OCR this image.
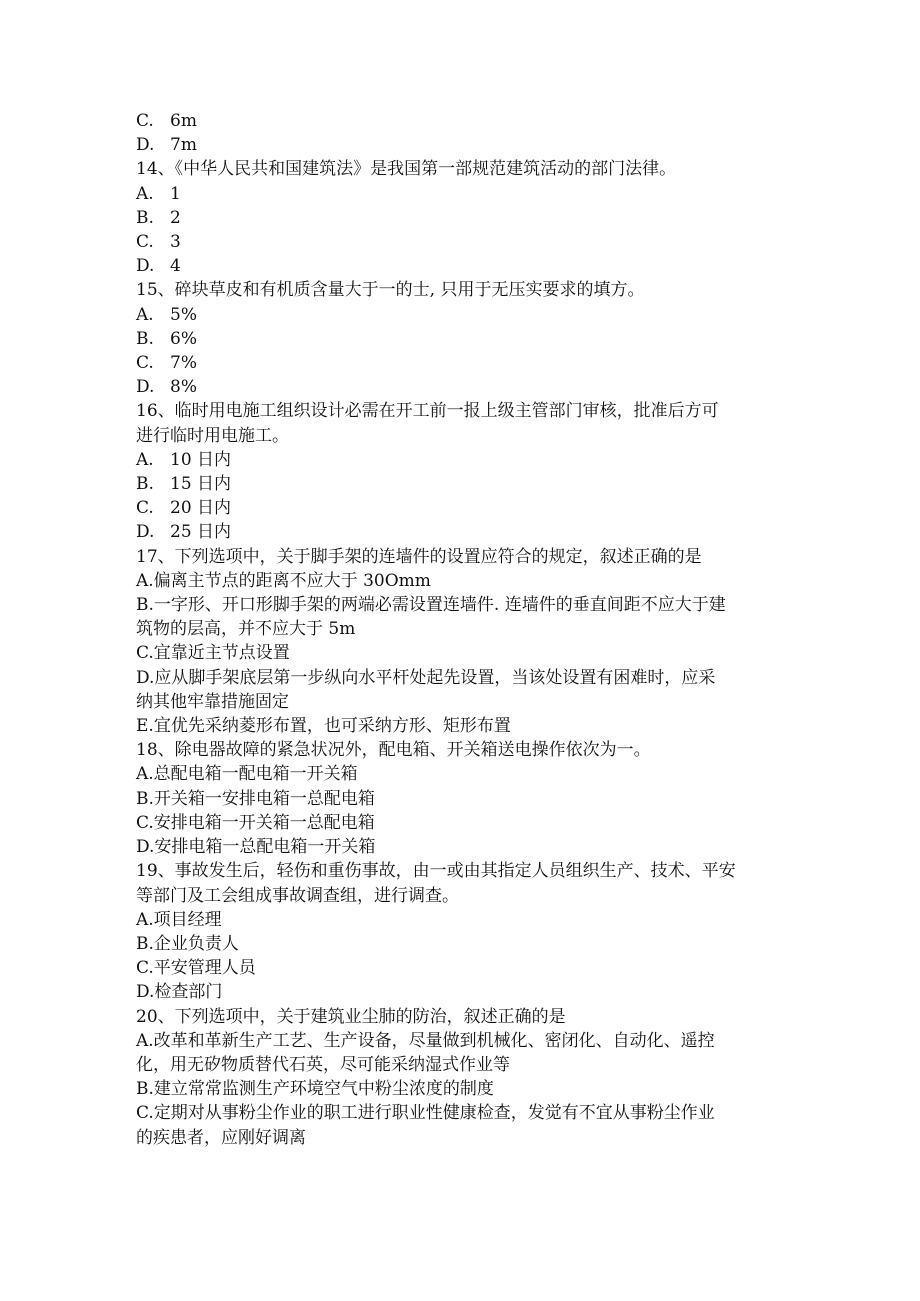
C. 6m
D. 7m
14、《中华人民共和国建筑法》是我国第一部规范建筑活动的部门法律。
A. 1
B. 2
C. 3
D. 4
15、碎块草皮和有机质含量大于一的士, 只用于无压实要求的填方。
A. 5%
B. 6%
C. 7%
D. 8%
16、临时用电施工组织设计必需在开工前一报上级主管部门审核，批准后方可
进行临时用电施工。
A. 10 日内
B. 15 日内
C. 20 日内
D. 25 日内
17、下列选项中，关于脚手架的连墙件的设置应符合的规定，叙述正确的是
A.偏离主节点的距离不应大于 30Omm
B.一字形、开口形脚手架的两端必需设置连墙件. 连墙件的垂直间距不应大于建
筑物的层高，并不应大于 5m
C.宜靠近主节点设置
D.应从脚手架底层第一步纵向水平杆处起先设置，当该处设置有困难时，应采
纳其他牢靠措施固定
E.宜优先采纳菱形布置，也可采纳方形、矩形布置
18、除电器故障的紧急状况外，配电箱、开关箱送电操作依次为一。
A.总配电箱一配电箱一开关箱
B.开关箱一安排电箱一总配电箱
C.安排电箱一开关箱一总配电箱
D.安排电箱一总配电箱一开关箱
19、事故发生后，轻伤和重伤事故，由一或由其指定人员组织生产、技术、平安
等部门及工会组成事故调查组，进行调查。
A.项目经理
B.企业负责人
C.平安管理人员
D.检查部门
20、下列选项中，关于建筑业尘肺的防治，叙述正确的是
A.改革和革新生产工艺、生产设备，尽量做到机械化、密闭化、自动化、遥控
化，用无矽物质替代石英，尽可能采纳湿式作业等
B.建立常常监测生产环境空气中粉尘浓度的制度
C.定期对从事粉尘作业的职工进行职业性健康检查，发觉有不宜从事粉尘作业
的疾患者，应刚好调离
